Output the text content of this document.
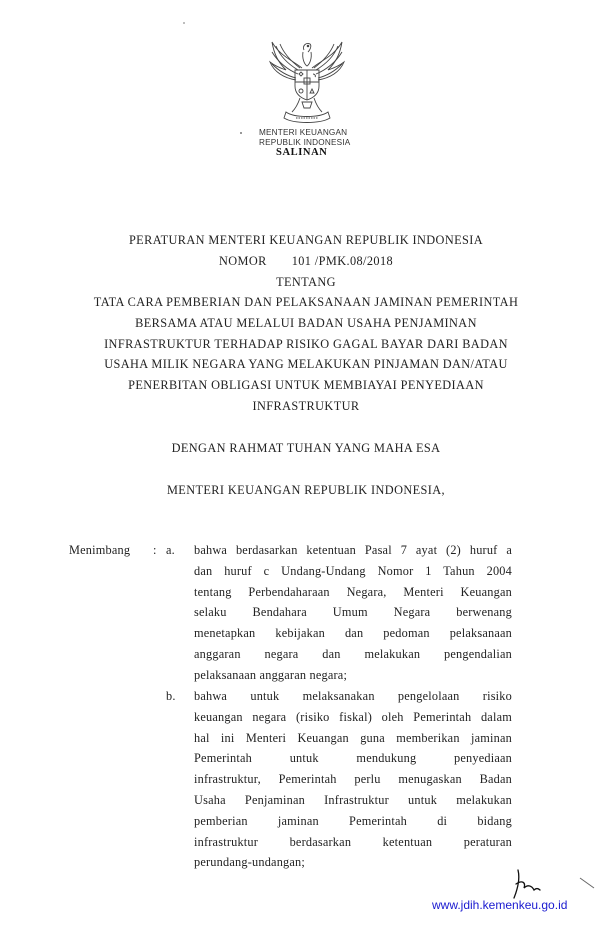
MENTERI KEUANGAN
REPUBLIK INDONESIA
SALINAN
PERATURAN MENTERI KEUANGAN REPUBLIK INDONESIA
NOMOR 101 /PMK.08/2018
TENTANG
TATA CARA PEMBERIAN DAN PELAKSANAAN JAMINAN PEMERINTAH
BERSAMA ATAU MELALUI BADAN USAHA PENJAMINAN
INFRASTRUKTUR TERHADAP RISIKO GAGAL BAYAR DARI BADAN
USAHA MILIK NEGARA YANG MELAKUKAN PINJAMAN DAN/ATAU
PENERBITAN OBLIGASI UNTUK MEMBIAYAI PENYEDIAAN
INFRASTRUKTUR
DENGAN RAHMAT TUHAN YANG MAHA ESA
MENTERI KEUANGAN REPUBLIK INDONESIA,
Menimbang : a. bahwa berdasarkan ketentuan Pasal 7 ayat (2) huruf a
dan huruf c Undang-Undang Nomor 1 Tahun 2004
tentang Perbendaharaan Negara, Menteri Keuangan
selaku Bendahara Umum Negara berwenang
menetapkan kebijakan dan pedoman pelaksanaan
anggaran negara dan melakukan pengendalian
pelaksanaan anggaran negara;
b. bahwa untuk melaksanakan pengelolaan risiko
keuangan negara (risiko fiskal) oleh Pemerintah dalam
hal ini Menteri Keuangan guna memberikan jaminan
Pemerintah untuk mendukung penyediaan
infrastruktur, Pemerintah perlu menugaskan Badan
Usaha Penjaminan Infrastruktur untuk melakukan
pemberian jaminan Pemerintah di bidang
infrastruktur berdasarkan ketentuan peraturan
perundang-undangan;
www.jdih.kemenkeu.go.id
